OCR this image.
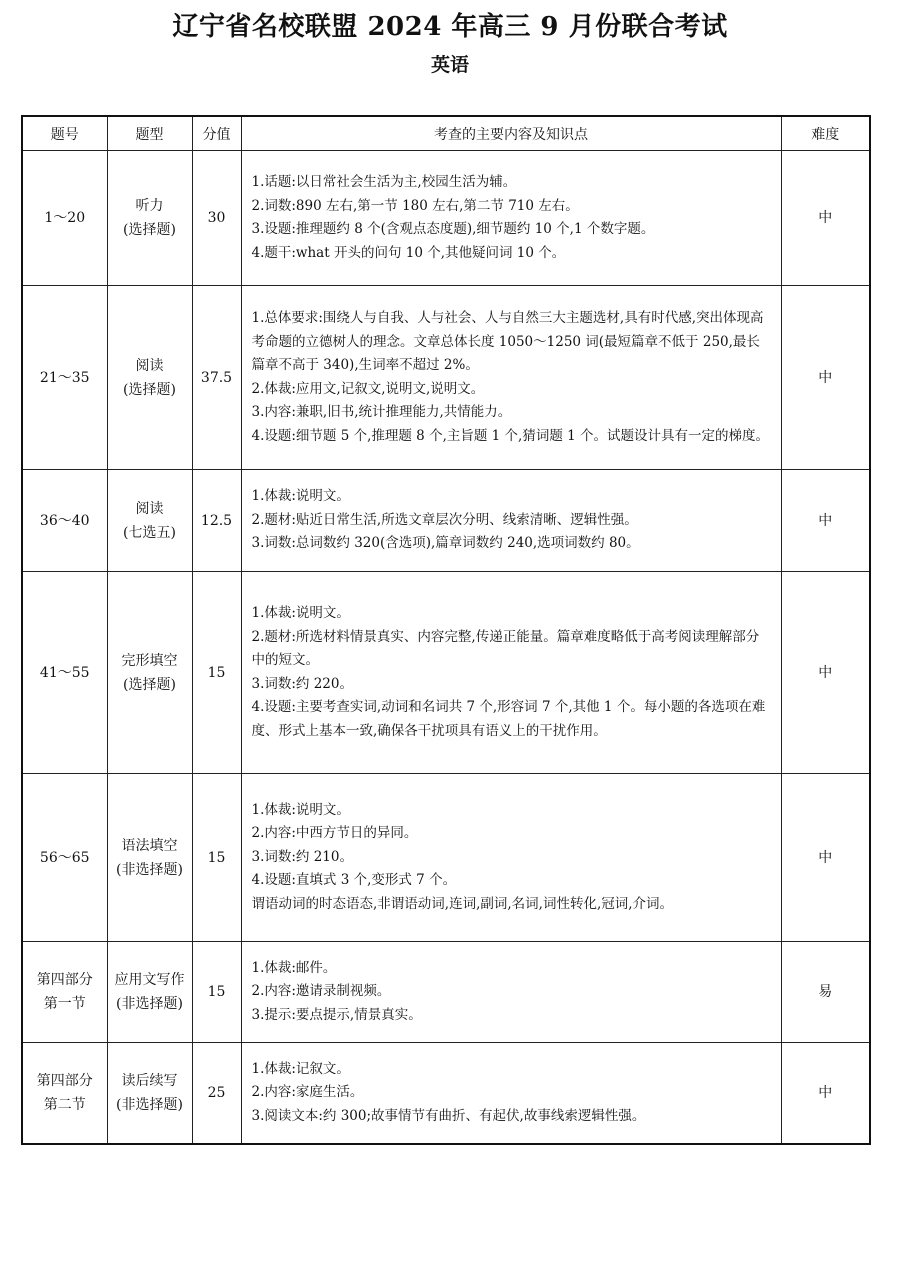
辽宁省名校联盟 2024 年高三 9 月份联合考试
英语
题号	题型	分值	考查的主要内容及知识点	难度

1～20	听力
(选择题)	30	1.话题:以日常社会生活为主,校园生活为辅。
2.词数:890 左右,第一节 180 左右,第二节 710 左右。
3.设题:推理题约 8 个(含观点态度题),细节题约 10 个,1 个数字题。
4.题干:what 开头的问句 10 个,其他疑问词 10 个。	中

21～35	阅读
(选择题)	37.5	1.总体要求:围绕人与自我、人与社会、人与自然三大主题选材,具有时代感,突出体现高考命题的立德树人的理念。文章总体长度 1050～1250 词(最短篇章不低于 250,最长篇章不高于 340),生词率不超过 2%。
2.体裁:应用文,记叙文,说明文,说明文。
3.内容:兼职,旧书,统计推理能力,共情能力。
4.设题:细节题 5 个,推理题 8 个,主旨题 1 个,猜词题 1 个。试题设计具有一定的梯度。	中

36～40	阅读
(七选五)	12.5	1.体裁:说明文。
2.题材:贴近日常生活,所选文章层次分明、线索清晰、逻辑性强。
3.词数:总词数约 320(含选项),篇章词数约 240,选项词数约 80。	中

41～55	完形填空
(选择题)	15	1.体裁:说明文。
2.题材:所选材料情景真实、内容完整,传递正能量。篇章难度略低于高考阅读理解部分中的短文。
3.词数:约 220。
4.设题:主要考查实词,动词和名词共 7 个,形容词 7 个,其他 1 个。每小题的各选项在难度、形式上基本一致,确保各干扰项具有语义上的干扰作用。	中

56～65	语法填空
(非选择题)	15	1.体裁:说明文。
2.内容:中西方节日的异同。
3.词数:约 210。
4.设题:直填式 3 个,变形式 7 个。
谓语动词的时态语态,非谓语动词,连词,副词,名词,词性转化,冠词,介词。	中

第四部分
第一节	应用文写作
(非选择题)	15	1.体裁:邮件。
2.内容:邀请录制视频。
3.提示:要点提示,情景真实。	易

第四部分
第二节	读后续写
(非选择题)	25	1.体裁:记叙文。
2.内容:家庭生活。
3.阅读文本:约 300;故事情节有曲折、有起伏,故事线索逻辑性强。	中
